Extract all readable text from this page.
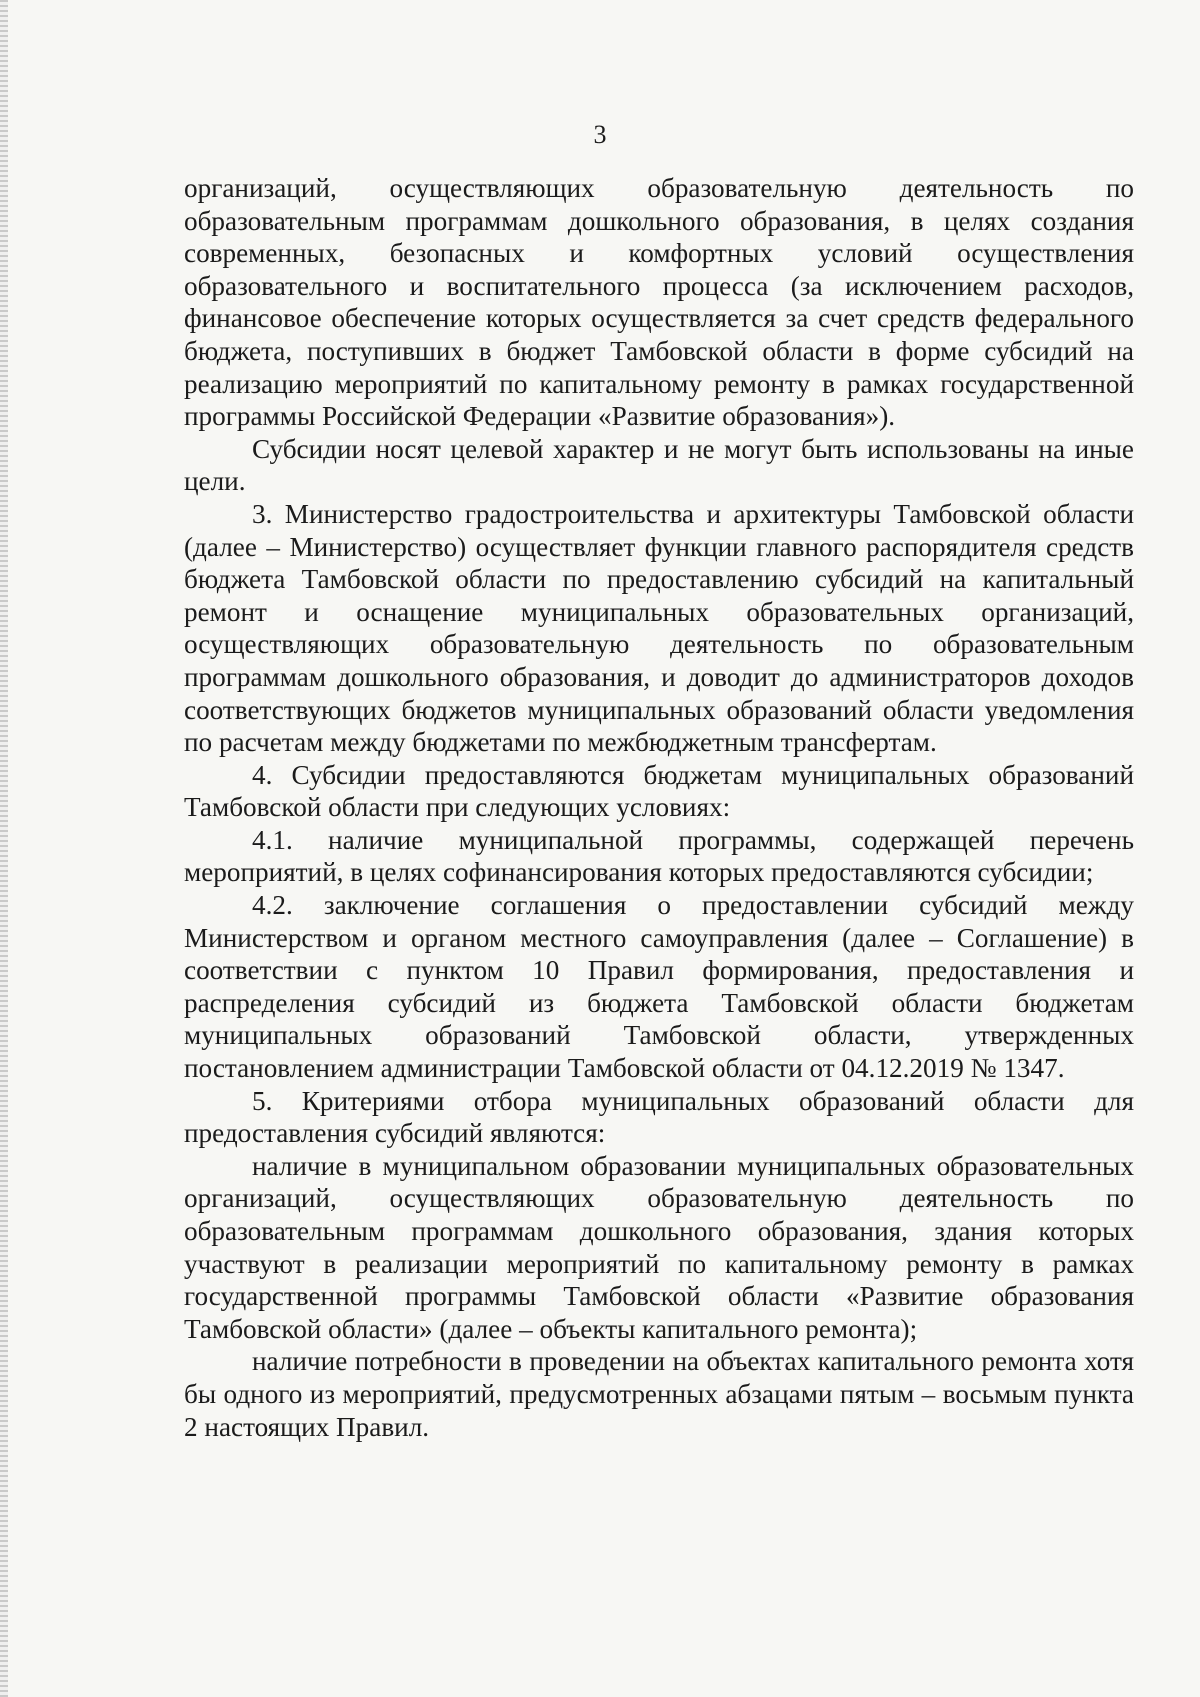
3

организаций, осуществляющих образовательную деятельность по образовательным программам дошкольного образования, в целях создания современных, безопасных и комфортных условий осуществления образовательного и воспитательного процесса (за исключением расходов, финансовое обеспечение которых осуществляется за счет средств федерального бюджета, поступивших в бюджет Тамбовской области в форме субсидий на реализацию мероприятий по капитальному ремонту в рамках государственной программы Российской Федерации «Развитие образования»).

Субсидии носят целевой характер и не могут быть использованы на иные цели.

3. Министерство градостроительства и архитектуры Тамбовской области (далее – Министерство) осуществляет функции главного распорядителя средств бюджета Тамбовской области по предоставлению субсидий на капитальный ремонт и оснащение муниципальных образовательных организаций, осуществляющих образовательную деятельность по образовательным программам дошкольного образования, и доводит до администраторов доходов соответствующих бюджетов муниципальных образований области уведомления по расчетам между бюджетами по межбюджетным трансфертам.

4. Субсидии предоставляются бюджетам муниципальных образований Тамбовской области при следующих условиях:

4.1. наличие муниципальной программы, содержащей перечень мероприятий, в целях софинансирования которых предоставляются субсидии;

4.2. заключение соглашения о предоставлении субсидий между Министерством и органом местного самоуправления (далее – Соглашение) в соответствии с пунктом 10 Правил формирования, предоставления и распределения субсидий из бюджета Тамбовской области бюджетам муниципальных образований Тамбовской области, утвержденных постановлением администрации Тамбовской области от 04.12.2019 № 1347.

5. Критериями отбора муниципальных образований области для предоставления субсидий являются:

наличие в муниципальном образовании муниципальных образовательных организаций, осуществляющих образовательную деятельность по образовательным программам дошкольного образования, здания которых участвуют в реализации мероприятий по капитальному ремонту в рамках государственной программы Тамбовской области «Развитие образования Тамбовской области» (далее – объекты капитального ремонта);

наличие потребности в проведении на объектах капитального ремонта хотя бы одного из мероприятий, предусмотренных абзацами пятым – восьмым пункта 2 настоящих Правил.
